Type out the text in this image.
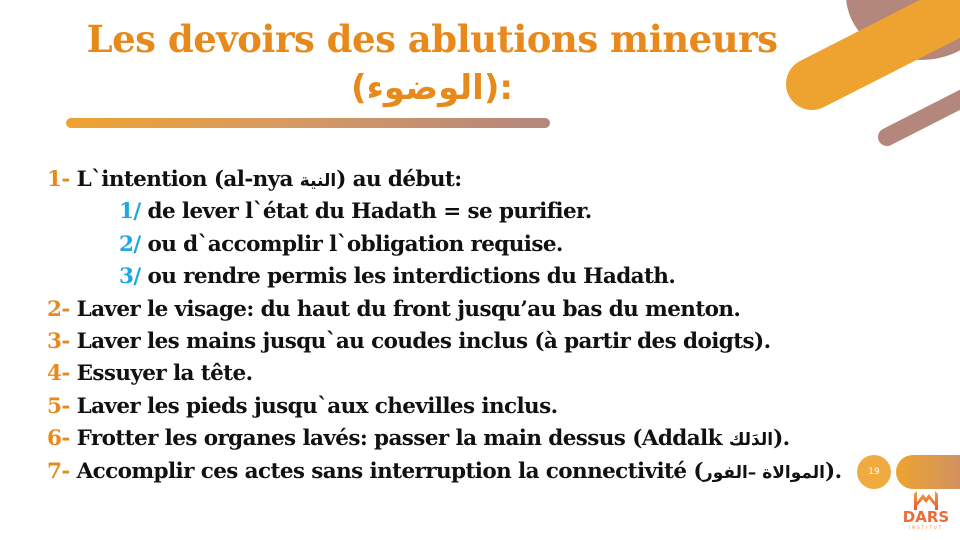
Les devoirs des ablutions mineurs
(الوضوء):
1- L`intention (al-nya النية) au début:
1/ de lever l`état du Hadath = se purifier.
2/ ou d`accomplir l`obligation requise.
3/ ou rendre permis les interdictions du Hadath.
2- Laver le visage: du haut du front jusqu’au bas du menton.
3- Laver les mains jusqu`au coudes inclus (à partir des doigts).
4- Essuyer la tête.
5- Laver les pieds jusqu`aux chevilles inclus.
6- Frotter les organes lavés: passer la main dessus (Addalk الدَلك).
7- Accomplir ces actes sans interruption la connectivité (الموالاة –الفور).	19
DARS
INSTITUT
